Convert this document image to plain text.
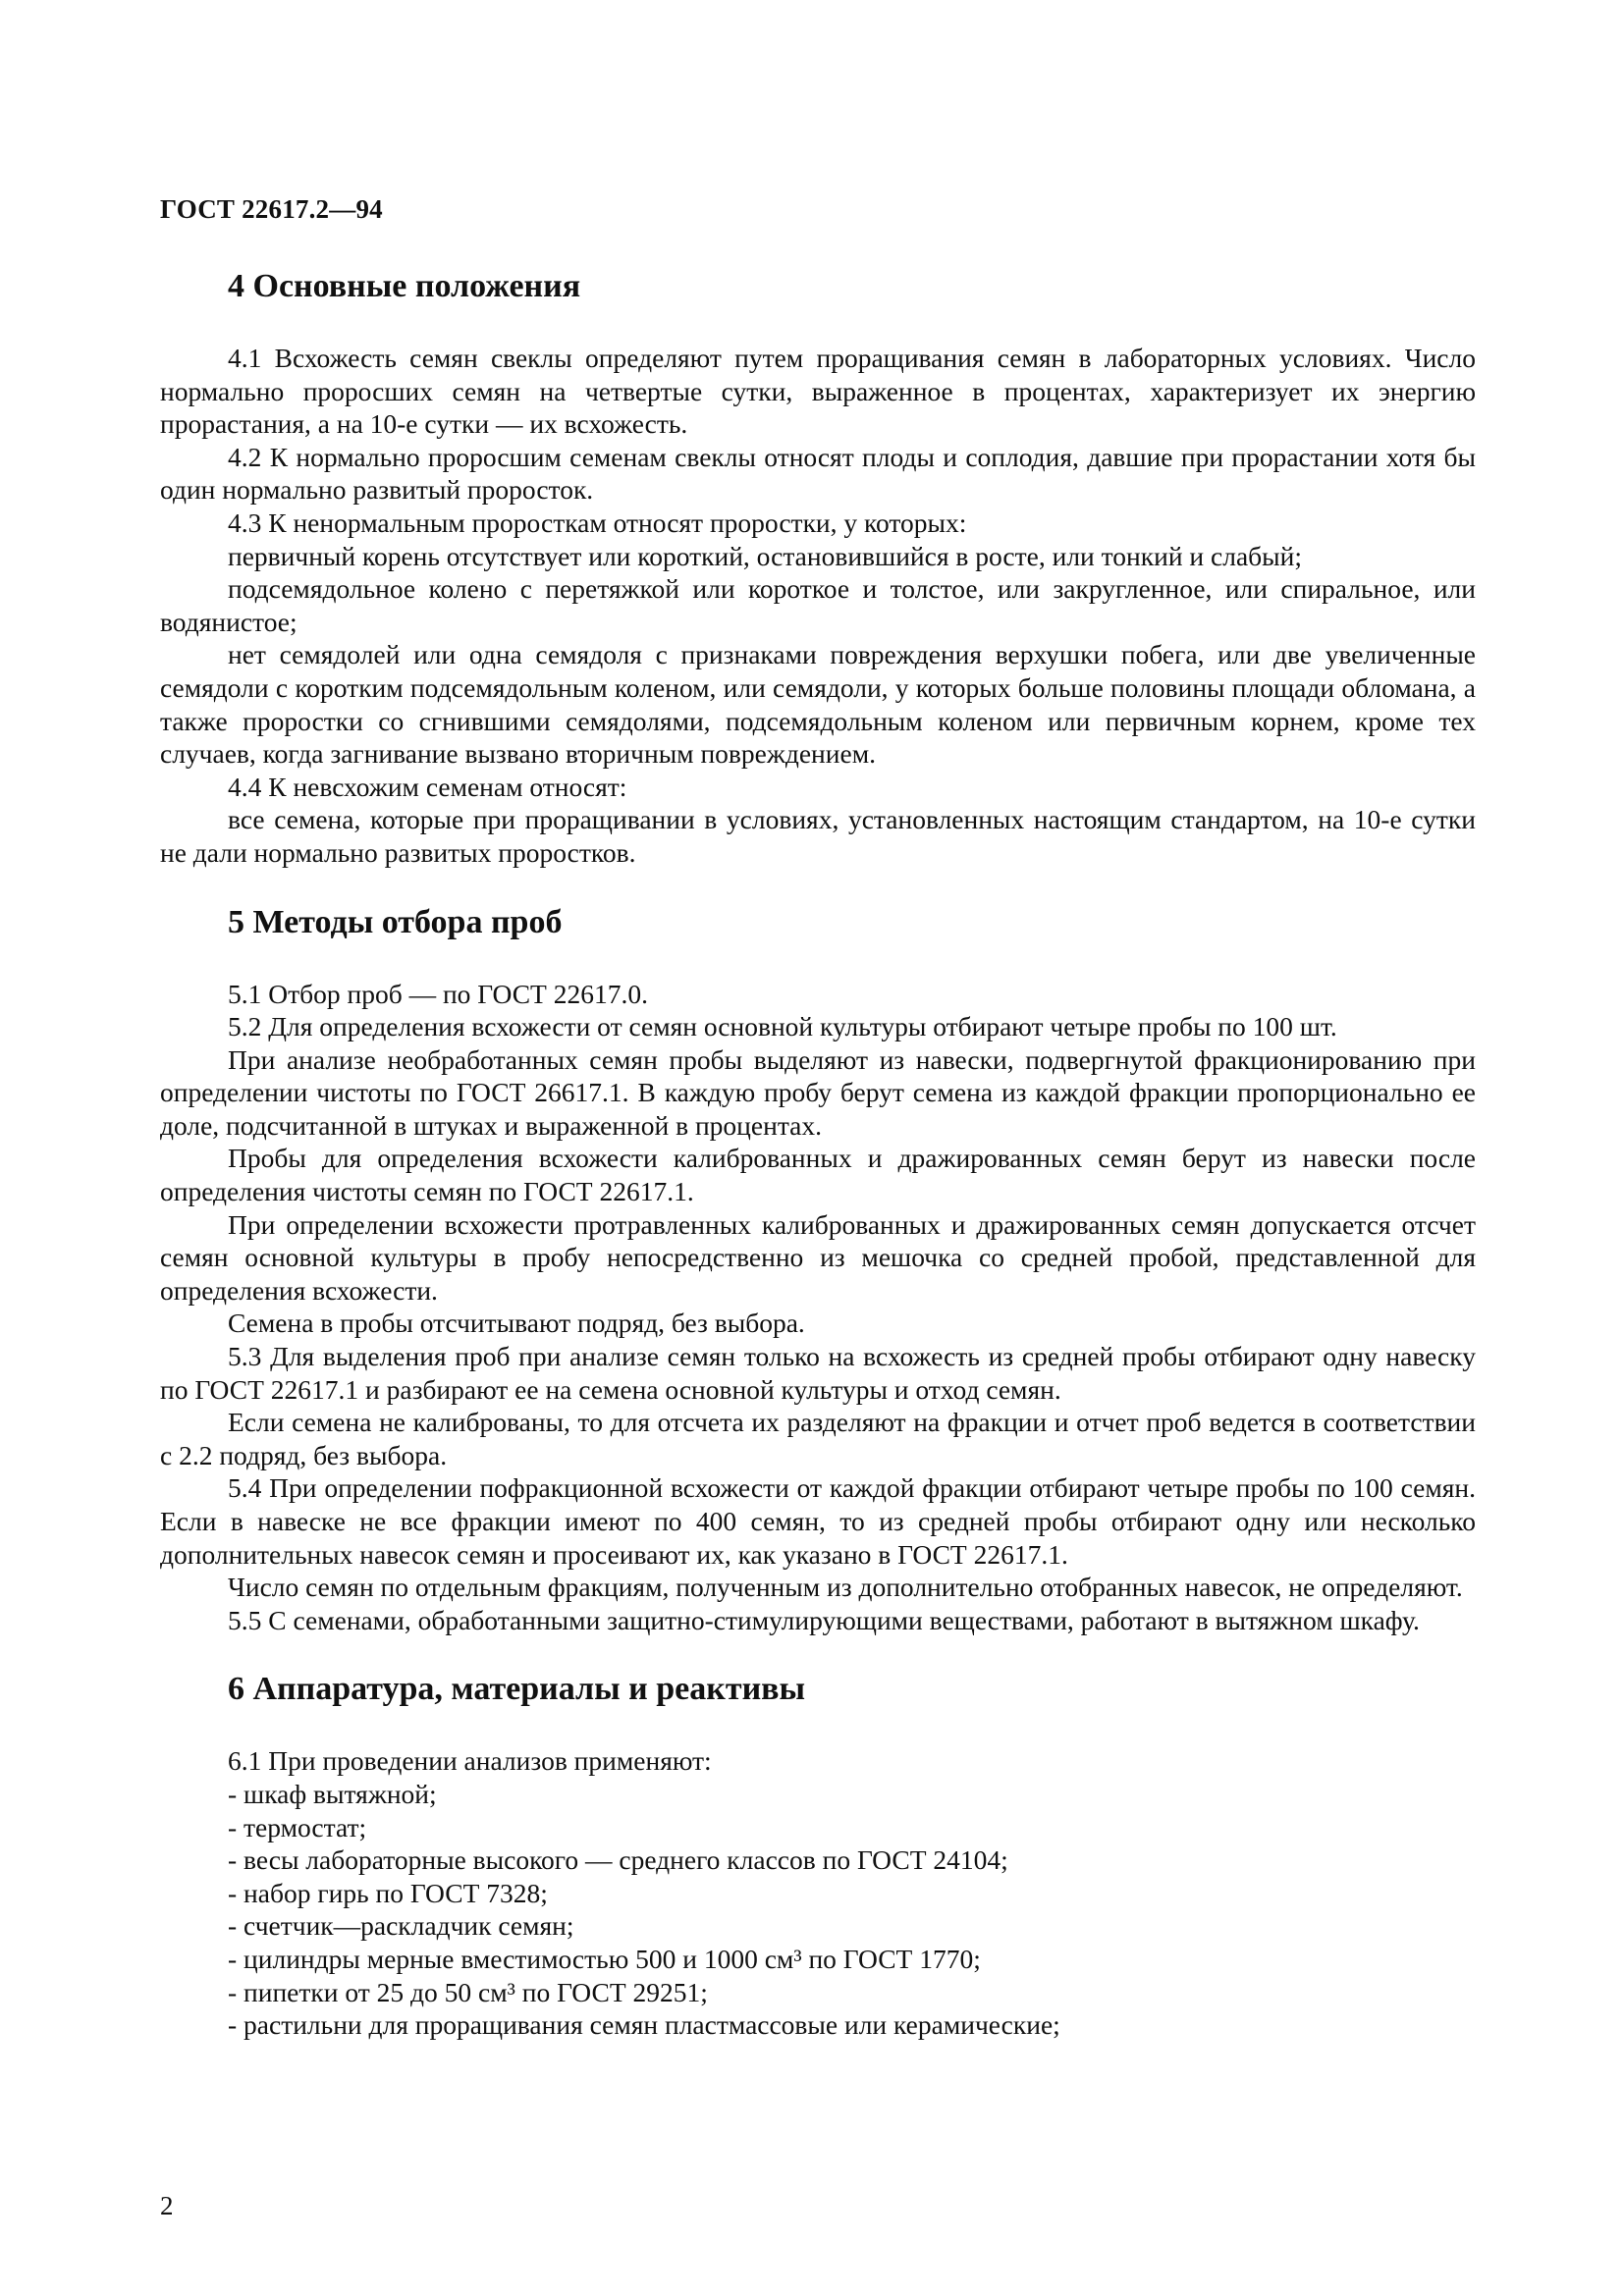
ГОСТ 22617.2—94
4 Основные положения

4.1 Всхожесть семян свеклы определяют путем проращивания семян в лабораторных условиях. Число нормально проросших семян на четвертые сутки, выраженное в процентах, характеризует их энергию прорастания, а на 10-е сутки — их всхожесть.

4.2 К нормально проросшим семенам свеклы относят плоды и соплодия, давшие при прорастании хотя бы один нормально развитый проросток.

4.3 К ненормальным проросткам относят проростки, у которых:

первичный корень отсутствует или короткий, остановившийся в росте, или тонкий и слабый;

подсемядольное колено с перетяжкой или короткое и толстое, или закругленное, или спиральное, или водянистое;

нет семядолей или одна семядоля с признаками повреждения верхушки побега, или две увеличенные семядоли с коротким подсемядольным коленом, или семядоли, у которых больше половины площади обломана, а также проростки со сгнившими семядолями, подсемядольным коленом или первичным корнем, кроме тех случаев, когда загнивание вызвано вторичным повреждением.

4.4 К невсхожим семенам относят:

все семена, которые при проращивании в условиях, установленных настоящим стандартом, на 10-е сутки не дали нормально развитых проростков.

5 Методы отбора проб

5.1 Отбор проб — по ГОСТ 22617.0.

5.2 Для определения всхожести от семян основной культуры отбирают четыре пробы по 100 шт.

При анализе необработанных семян пробы выделяют из навески, подвергнутой фракционированию при определении чистоты по ГОСТ 26617.1. В каждую пробу берут семена из каждой фракции пропорционально ее доле, подсчитанной в штуках и выраженной в процентах.

Пробы для определения всхожести калиброванных и дражированных семян берут из навески после определения чистоты семян по ГОСТ 22617.1.

При определении всхожести протравленных калиброванных и дражированных семян допускается отсчет семян основной культуры в пробу непосредственно из мешочка со средней пробой, представленной для определения всхожести.

Семена в пробы отсчитывают подряд, без выбора.

5.3 Для выделения проб при анализе семян только на всхожесть из средней пробы отбирают одну навеску по ГОСТ 22617.1 и разбирают ее на семена основной культуры и отход семян.

Если семена не калиброваны, то для отсчета их разделяют на фракции и отчет проб ведется в соответствии с 2.2 подряд, без выбора.

5.4 При определении пофракционной всхожести от каждой фракции отбирают четыре пробы по 100 семян. Если в навеске не все фракции имеют по 400 семян, то из средней пробы отбирают одну или несколько дополнительных навесок семян и просеивают их, как указано в ГОСТ 22617.1.

Число семян по отдельным фракциям, полученным из дополнительно отобранных навесок, не определяют.

5.5 С семенами, обработанными защитно-стимулирующими веществами, работают в вытяжном шкафу.

6 Аппаратура, материалы и реактивы

6.1 При проведении анализов применяют:

- шкаф вытяжной;

- термостат;

- весы лабораторные высокого — среднего классов по ГОСТ 24104;

- набор гирь по ГОСТ 7328;

- счетчик—раскладчик семян;

- цилиндры мерные вместимостью 500 и 1000 см³ по ГОСТ 1770;

- пипетки от 25 до 50 см³ по ГОСТ 29251;

- растильни для проращивания семян пластмассовые или керамические;

2
